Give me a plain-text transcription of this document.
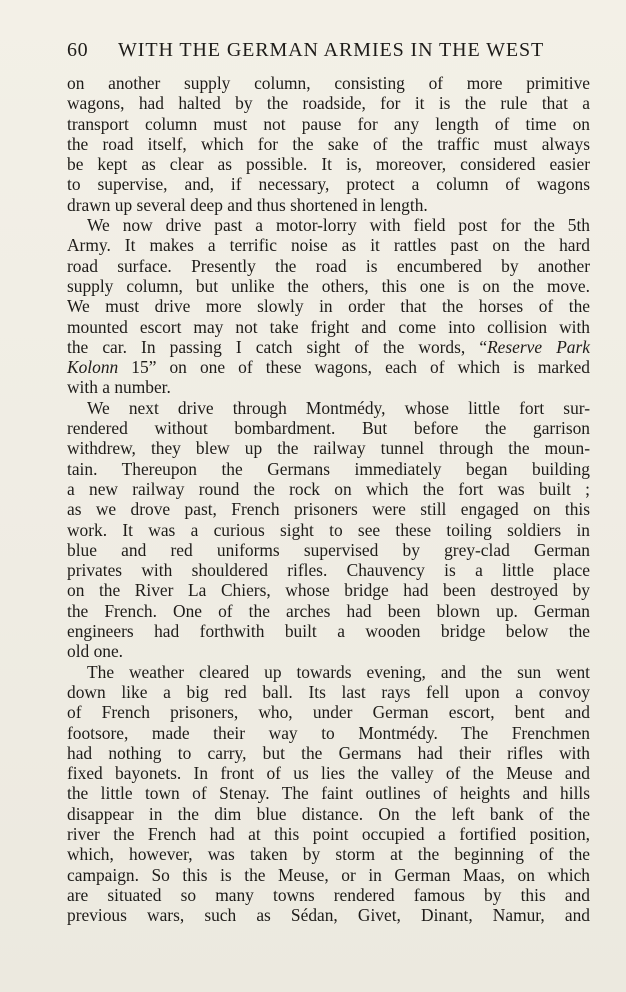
60 WITH THE GERMAN ARMIES IN THE WEST
on another supply column, consisting of more primitive
wagons, had halted by the roadside, for it is the rule that a
transport column must not pause for any length of time on
the road itself, which for the sake of the traffic must always
be kept as clear as possible. It is, moreover, considered easier
to supervise, and, if necessary, protect a column of wagons
drawn up several deep and thus shortened in length.
We now drive past a motor-lorry with field post for the 5th
Army. It makes a terrific noise as it rattles past on the hard
road surface. Presently the road is encumbered by another
supply column, but unlike the others, this one is on the move.
We must drive more slowly in order that the horses of the
mounted escort may not take fright and come into collision with
the car. In passing I catch sight of the words, “Reserve Park
Kolonn 15” on one of these wagons, each of which is marked
with a number.
We next drive through Montmédy, whose little fort sur-
rendered without bombardment. But before the garrison
withdrew, they blew up the railway tunnel through the moun-
tain. Thereupon the Germans immediately began building
a new railway round the rock on which the fort was built ;
as we drove past, French prisoners were still engaged on this
work. It was a curious sight to see these toiling soldiers in
blue and red uniforms supervised by grey-clad German
privates with shouldered rifles. Chauvency is a little place
on the River La Chiers, whose bridge had been destroyed by
the French. One of the arches had been blown up. German
engineers had forthwith built a wooden bridge below the
old one.
The weather cleared up towards evening, and the sun went
down like a big red ball. Its last rays fell upon a convoy
of French prisoners, who, under German escort, bent and
footsore, made their way to Montmédy. The Frenchmen
had nothing to carry, but the Germans had their rifles with
fixed bayonets. In front of us lies the valley of the Meuse and
the little town of Stenay. The faint outlines of heights and hills
disappear in the dim blue distance. On the left bank of the
river the French had at this point occupied a fortified position,
which, however, was taken by storm at the beginning of the
campaign. So this is the Meuse, or in German Maas, on which
are situated so many towns rendered famous by this and
previous wars, such as Sédan, Givet, Dinant, Namur, and
